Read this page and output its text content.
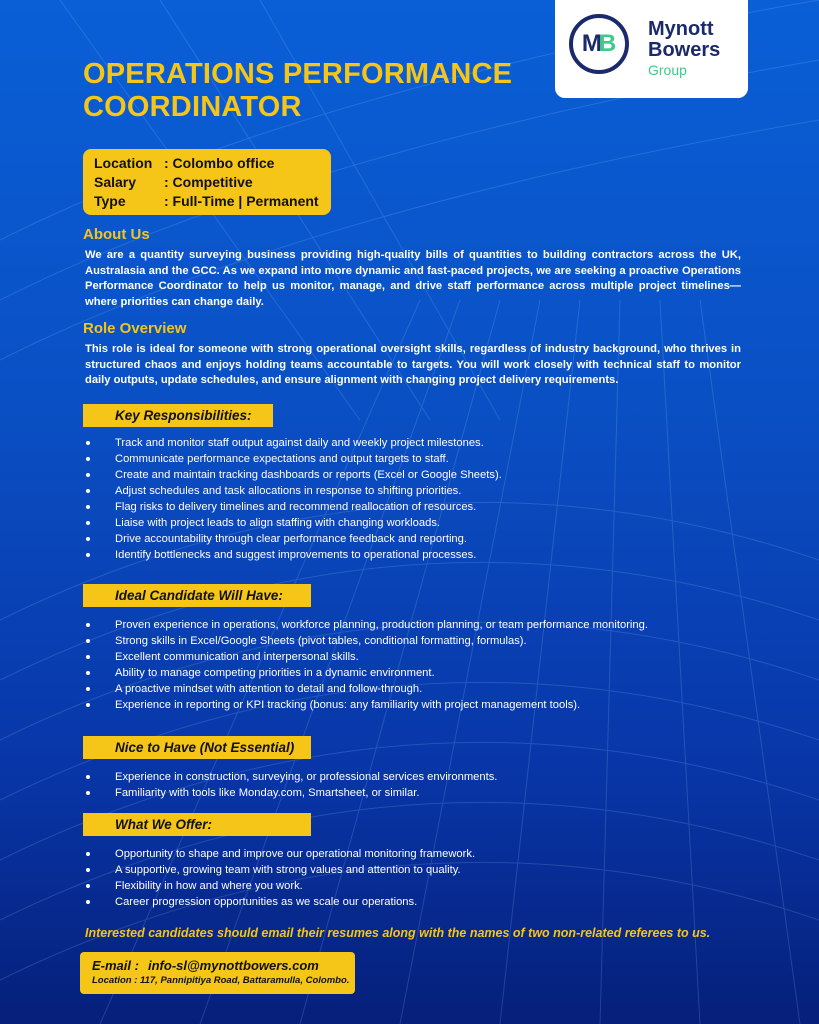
M B
Mynott
Bowers
Group
OPERATIONS PERFORMANCE
COORDINATOR
Location : Colombo office
Salary : Competitive
Type	: Full-Time | Permanent
About Us
We are a quantity surveying business providing high-quality bills of quantities to building contractors across the UK, Australasia and the GCC. As we expand into more dynamic and fast-paced projects, we are seeking a proactive Operations Performance Coordinator to help us monitor, manage, and drive staff performance across multiple project timelines—where priorities can change daily.
Role Overview
This role is ideal for someone with strong operational oversight skills, regardless of industry background, who thrives in structured chaos and enjoys holding teams accountable to targets. You will work closely with technical staff to monitor daily outputs, update schedules, and ensure alignment with changing project delivery requirements.
Key Responsibilities:
Track and monitor staff output against daily and weekly project milestones.
Communicate performance expectations and output targets to staff.
Create and maintain tracking dashboards or reports (Excel or Google Sheets).
Adjust schedules and task allocations in response to shifting priorities.
Flag risks to delivery timelines and recommend reallocation of resources.
Liaise with project leads to align staffing with changing workloads.
Drive accountability through clear performance feedback and reporting.
Identify bottlenecks and suggest improvements to operational processes.
Ideal Candidate Will Have:
Proven experience in operations, workforce planning, production planning, or team performance monitoring.
Strong skills in Excel/Google Sheets (pivot tables, conditional formatting, formulas).
Excellent communication and interpersonal skills.
Ability to manage competing priorities in a dynamic environment.
A proactive mindset with attention to detail and follow-through.
Experience in reporting or KPI tracking (bonus: any familiarity with project management tools).
Nice to Have (Not Essential)
Experience in construction, surveying, or professional services environments.
Familiarity with tools like Monday.com, Smartsheet, or similar.
What We Offer:
Opportunity to shape and improve our operational monitoring framework.
A supportive, growing team with strong values and attention to quality.
Flexibility in how and where you work.
Career progression opportunities as we scale our operations.
Interested candidates should email their resumes along with the names of two non-related referees to us.
E-mail : info-sl@mynottbowers.com
Location : 117, Pannipitiya Road, Battaramulla, Colombo.
